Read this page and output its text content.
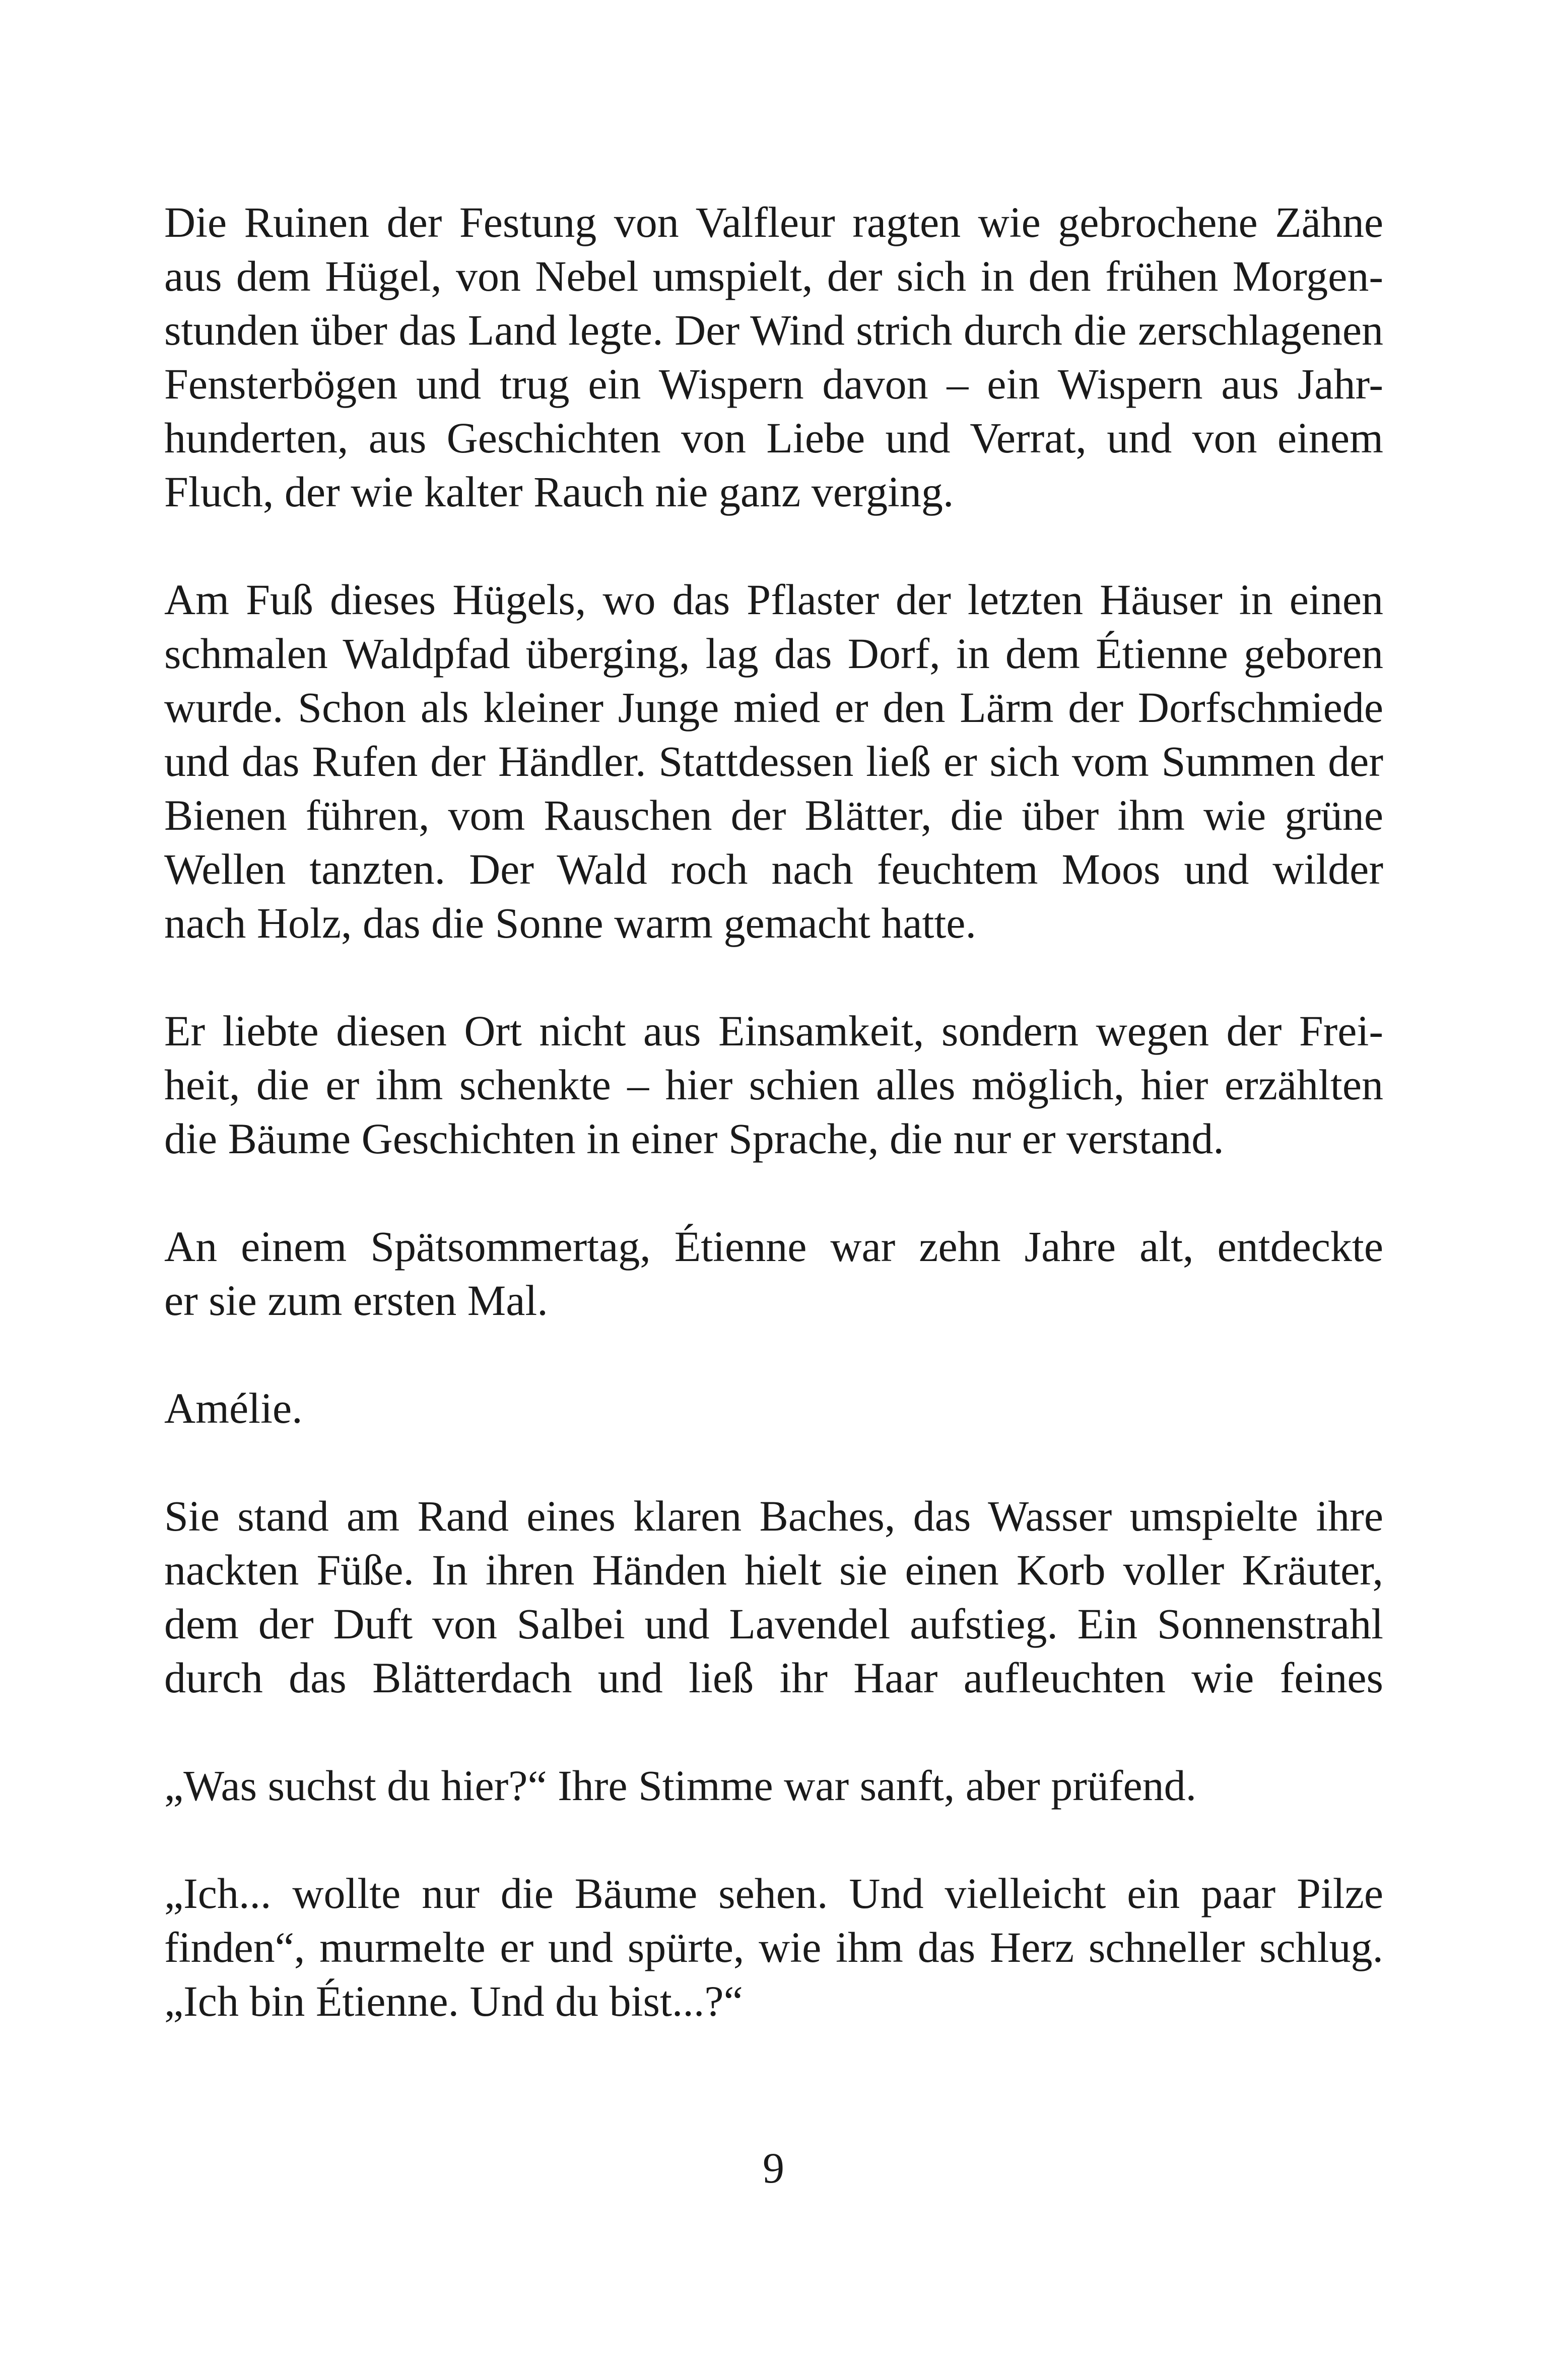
Die Ruinen der Festung von Valfleur ragten wie gebrochene Zähne
aus dem Hügel, von Nebel umspielt, der sich in den frühen Morgen-
stunden über das Land legte. Der Wind strich durch die zerschlagenen
Fensterbögen und trug ein Wispern davon – ein Wispern aus Jahr-
hunderten, aus Geschichten von Liebe und Verrat, und von einem
Fluch, der wie kalter Rauch nie ganz verging.
Am Fuß dieses Hügels, wo das Pflaster der letzten Häuser in einen
schmalen Waldpfad überging, lag das Dorf, in dem Étienne geboren
wurde. Schon als kleiner Junge mied er den Lärm der Dorfschmiede
und das Rufen der Händler. Stattdessen ließ er sich vom Summen der
Bienen führen, vom Rauschen der Blätter, die über ihm wie grüne
Wellen tanzten. Der Wald roch nach feuchtem Moos und wilder
nach Holz, das die Sonne warm gemacht hatte.
Er liebte diesen Ort nicht aus Einsamkeit, sondern wegen der Frei-
heit, die er ihm schenkte – hier schien alles möglich, hier erzählten
die Bäume Geschichten in einer Sprache, die nur er verstand.
An einem Spätsommertag, Étienne war zehn Jahre alt, entdeckte
er sie zum ersten Mal.
Amélie.
Sie stand am Rand eines klaren Baches, das Wasser umspielte ihre
nackten Füße. In ihren Händen hielt sie einen Korb voller Kräuter,
dem der Duft von Salbei und Lavendel aufstieg. Ein Sonnenstrahl
durch das Blätterdach und ließ ihr Haar aufleuchten wie feines
„Was suchst du hier?“ Ihre Stimme war sanft, aber prüfend.
„Ich... wollte nur die Bäume sehen. Und vielleicht ein paar Pilze
finden“, murmelte er und spürte, wie ihm das Herz schneller schlug.
„Ich bin Étienne. Und du bist...?“
9
